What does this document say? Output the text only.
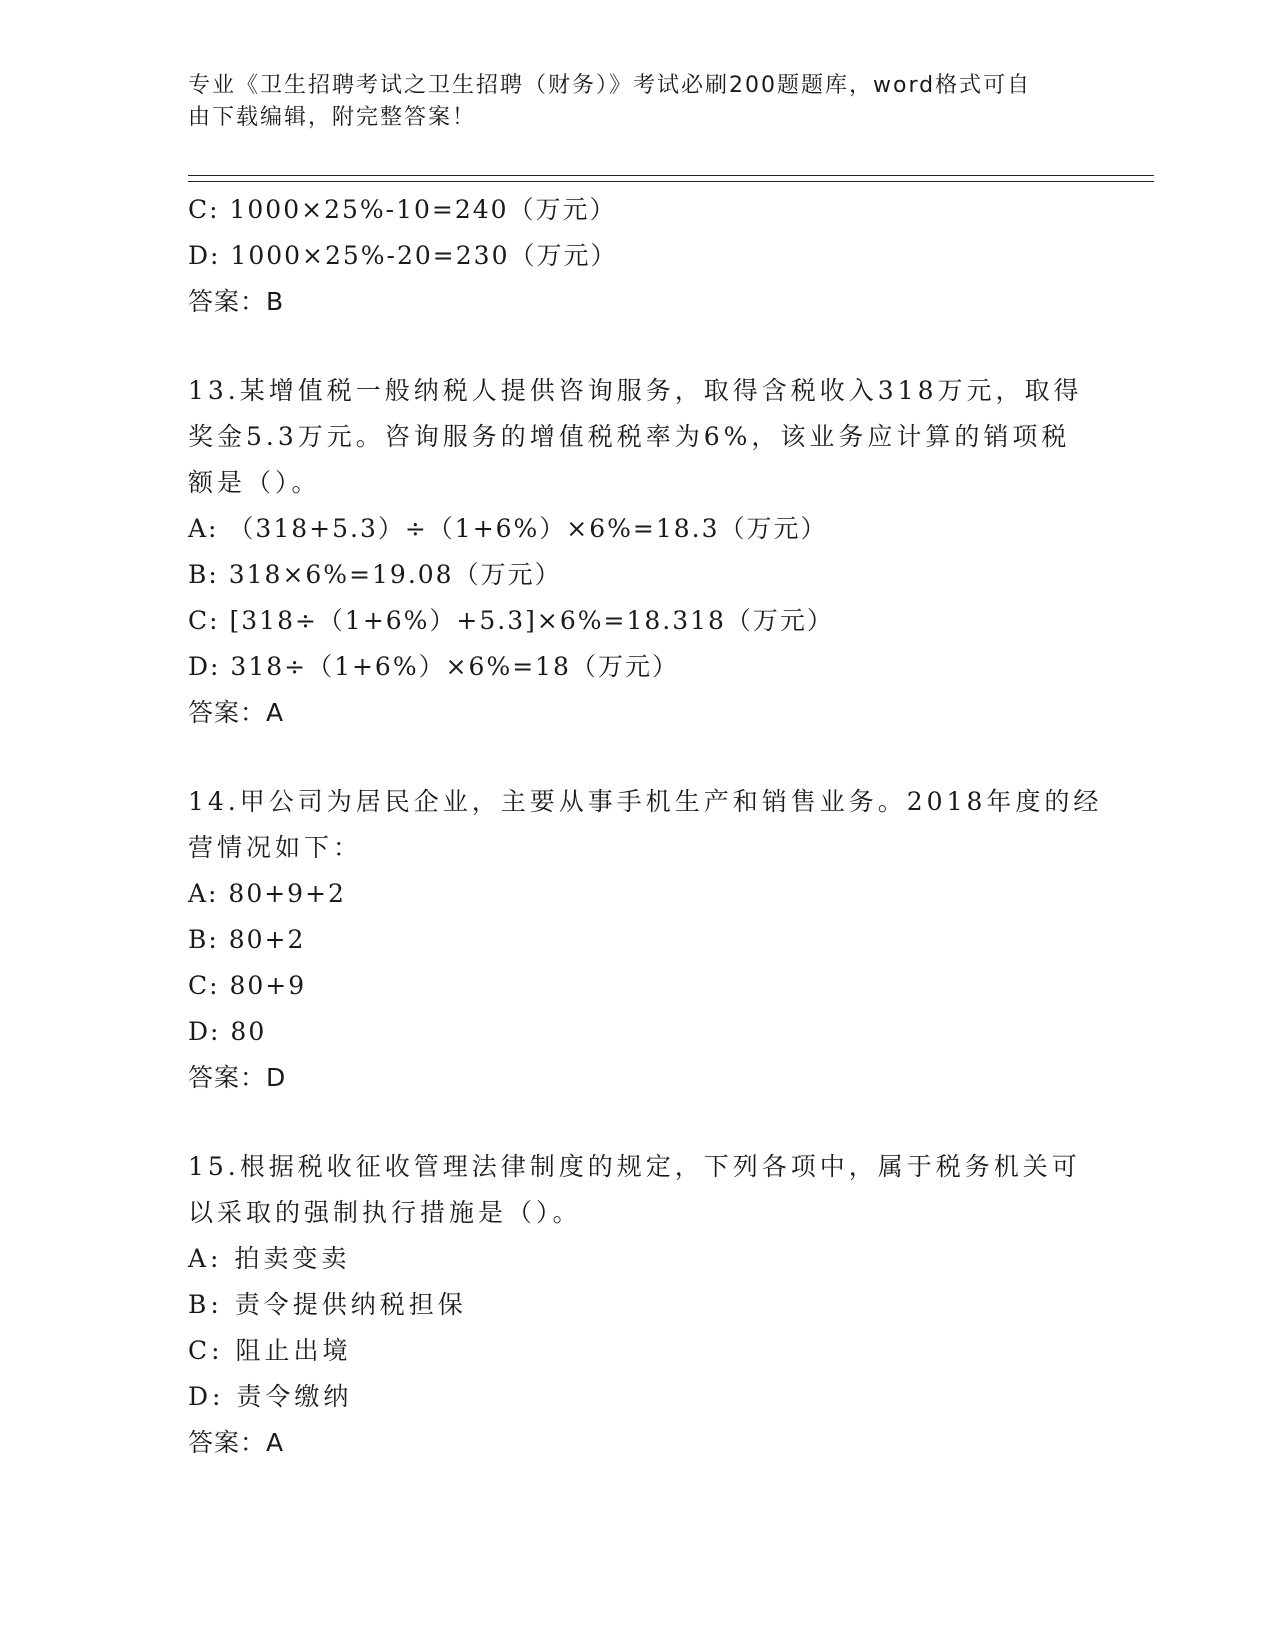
专业《卫生招聘考试之卫生招聘（财务）》考试必刷200题题库，word格式可自
由下载编辑，附完整答案！
C: 1000×25%-10=240（万元）
D: 1000×25%-20=230（万元）
答案：B
13.某增值税一般纳税人提供咨询服务，取得含税收入318万元，取得
奖金5.3万元。咨询服务的增值税税率为6%，该业务应计算的销项税
额是（）。
A: （318+5.3）÷（1+6%）×6%=18.3（万元）
B: 318×6%=19.08（万元）
C: [318÷（1+6%）+5.3]×6%=18.318（万元）
D: 318÷（1+6%）×6%=18（万元）
答案：A
14.甲公司为居民企业，主要从事手机生产和销售业务。2018年度的经
营情况如下：
A: 80+9+2
B: 80+2
C: 80+9
D: 80
答案：D
15.根据税收征收管理法律制度的规定，下列各项中，属于税务机关可
以采取的强制执行措施是（）。
A: 拍卖变卖
B: 责令提供纳税担保
C: 阻止出境
D: 责令缴纳
答案：A
